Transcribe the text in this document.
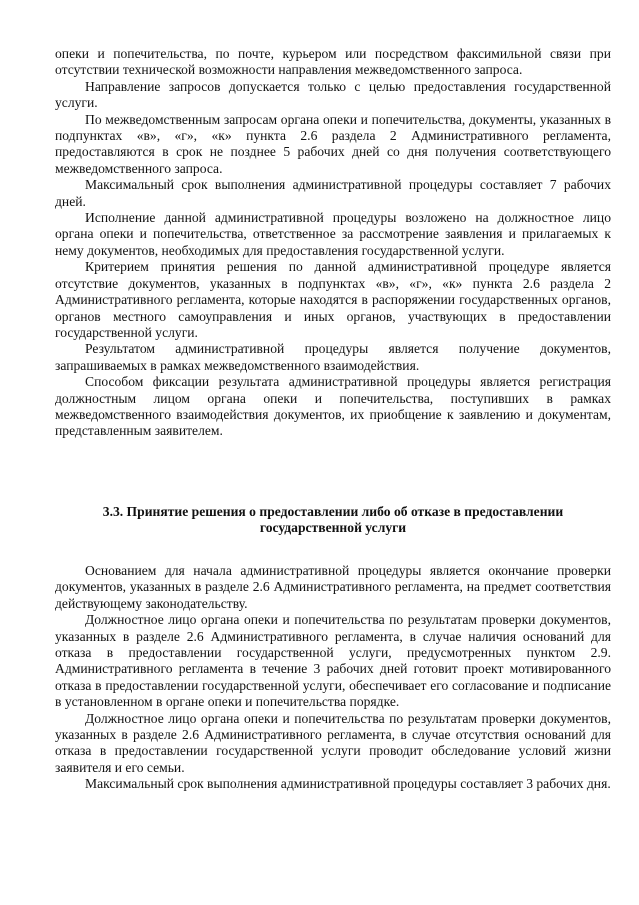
опеки и попечительства, по почте, курьером или посредством факсимильной связи при отсутствии технической возможности направления межведомственного запроса.

Направление запросов допускается только с целью предоставления государственной услуги.

По межведомственным запросам органа опеки и попечительства, документы, указанных в подпунктах «в», «г», «к» пункта 2.6 раздела 2 Административного регламента, предоставляются в срок не позднее 5 рабочих дней со дня получения соответствующего межведомственного запроса.

Максимальный срок выполнения административной процедуры составляет 7 рабочих дней.

Исполнение данной административной процедуры возложено на должностное лицо органа опеки и попечительства, ответственное за рассмотрение заявления и прилагаемых к нему документов, необходимых для предоставления государственной услуги.

Критерием принятия решения по данной административной процедуре является отсутствие документов, указанных в подпунктах «в», «г», «к» пункта 2.6 раздела 2 Административного регламента, которые находятся в распоряжении государственных органов, органов местного самоуправления и иных органов, участвующих в предоставлении государственной услуги.

Результатом административной процедуры является получение документов, запрашиваемых в рамках межведомственного взаимодействия.

Способом фиксации результата административной процедуры является регистрация должностным лицом органа опеки и попечительства, поступивших в рамках межведомственного взаимодействия документов, их приобщение к заявлению и документам, представленным заявителем.

3.3. Принятие решения о предоставлении либо об отказе в предоставлении
государственной услуги

Основанием для начала административной процедуры является окончание проверки документов, указанных в разделе 2.6 Административного регламента, на предмет соответствия действующему законодательству.

Должностное лицо органа опеки и попечительства по результатам проверки документов, указанных в разделе 2.6 Административного регламента, в случае наличия оснований для отказа в предоставлении государственной услуги, предусмотренных пунктом 2.9. Административного регламента в течение 3 рабочих дней готовит проект мотивированного отказа в предоставлении государственной услуги, обеспечивает его согласование и подписание в установленном в органе опеки и попечительства порядке.

Должностное лицо органа опеки и попечительства по результатам проверки документов, указанных в разделе 2.6 Административного регламента, в случае отсутствия оснований для отказа в предоставлении государственной услуги проводит обследование условий жизни заявителя и его семьи.

Максимальный срок выполнения административной процедуры составляет 3 рабочих дня.
